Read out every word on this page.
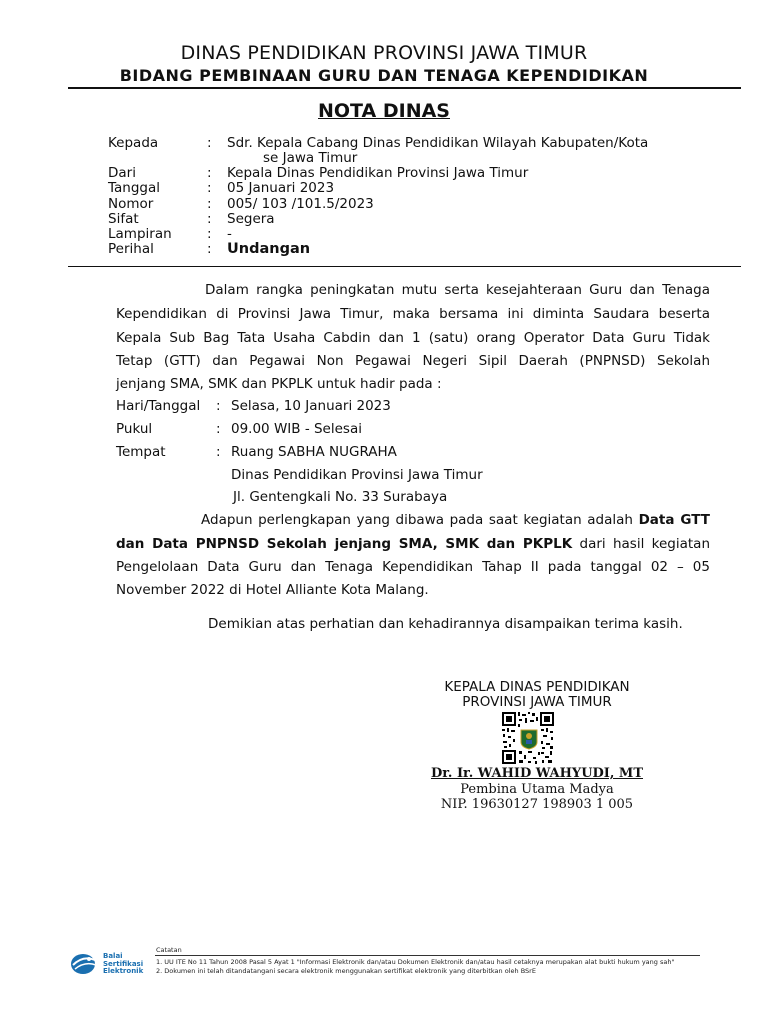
DINAS PENDIDIKAN PROVINSI JAWA TIMUR
BIDANG PEMBINAAN GURU DAN TENAGA KEPENDIDIKAN
NOTA DINAS
Kepada	: Sdr. Kepala Cabang Dinas Pendidikan Wilayah Kabupaten/Kota
se Jawa Timur
Dari	: Kepala Dinas Pendidikan Provinsi Jawa Timur
Tanggal	: 05 Januari 2023
Nomor	: 005/ 103 /101.5/2023
Sifat	: Segera
Lampiran	: -
Perihal	: Undangan
Dalam rangka peningkatan mutu serta kesejahteraan Guru dan Tenaga
Kependidikan di Provinsi Jawa Timur, maka bersama ini diminta Saudara beserta
Kepala Sub Bag Tata Usaha Cabdin dan 1 (satu) orang Operator Data Guru Tidak
Tetap (GTT) dan Pegawai Non Pegawai Negeri Sipil Daerah (PNPNSD) Sekolah
jenjang SMA, SMK dan PKPLK untuk hadir pada :
Hari/Tanggal : Selasa, 10 Januari 2023
Pukul	: 09.00 WIB - Selesai
Tempat	: Ruang SABHA NUGRAHA
Dinas Pendidikan Provinsi Jawa Timur
Jl. Gentengkali No. 33 Surabaya
Adapun perlengkapan yang dibawa pada saat kegiatan adalah Data GTT
dan Data PNPNSD Sekolah jenjang SMA, SMK dan PKPLK dari hasil kegiatan
Pengelolaan Data Guru dan Tenaga Kependidikan Tahap II pada tanggal 02 – 05
November 2022 di Hotel Alliante Kota Malang.
Demikian atas perhatian dan kehadirannya disampaikan terima kasih.
KEPALA DINAS PENDIDIKAN
PROVINSI JAWA TIMUR
Dr. Ir. WAHID WAHYUDI, MT
Pembina Utama Madya
NIP. 19630127 198903 1 005
Balai
Sertifikasi
Elektronik
Catatan
1. UU ITE No 11 Tahun 2008 Pasal 5 Ayat 1 "Informasi Elektronik dan/atau Dokumen Elektronik dan/atau hasil cetaknya merupakan alat bukti hukum yang sah"
2. Dokumen ini telah ditandatangani secara elektronik menggunakan sertifikat elektronik yang diterbitkan oleh BSrE
